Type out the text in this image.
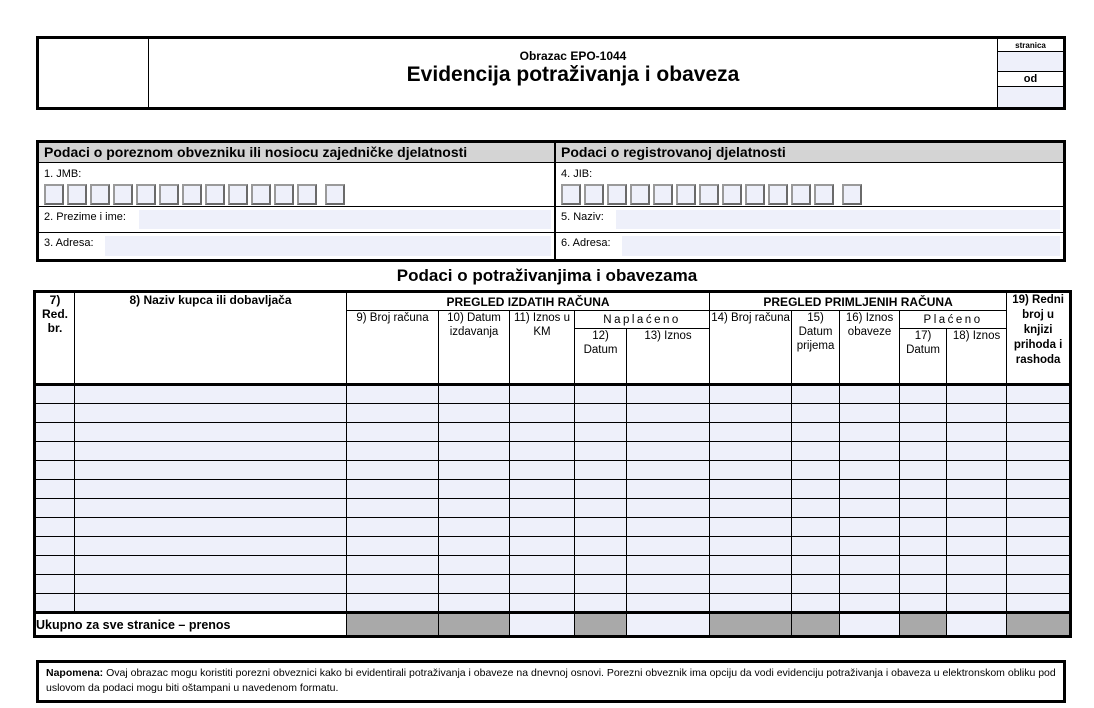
Obrazac EPO-1044
Evidencija potraživanja i obaveza
stranica
od
Podaci o poreznom obvezniku ili nosiocu zajedničke djelatnosti
1. JMB:
2. Prezime i ime:
3. Adresa:
Podaci o registrovanoj djelatnosti
4. JIB:
5. Naziv:
6. Adresa:
Podaci o potraživanjima i obavezama
7) Red. br.	8) Naziv kupca ili dobavljača	PREGLED IZDATIH RAČUNA					PREGLED PRIMLJENIH RAČUNA					19) Redni broj u knjizi prihoda i rashoda
		9) Broj računa	10) Datum izdavanja	11) Iznos u KM	Naplaćeno		14) Broj računa	15) Datum prijema	16) Iznos obaveze	Plaćeno		
					12) Datum	13) Iznos				17) Datum	18) Iznos	

Ukupno za sve stranice – prenos												
Napomena: Ovaj obrazac mogu koristiti porezni obveznici kako bi evidentirali potraživanja i obaveze na dnevnoj osnovi. Porezni obveznik ima opciju da vodi evidenciju potraživanja i obaveza u elektronskom obliku pod uslovom da podaci mogu biti oštampani u navedenom formatu.
